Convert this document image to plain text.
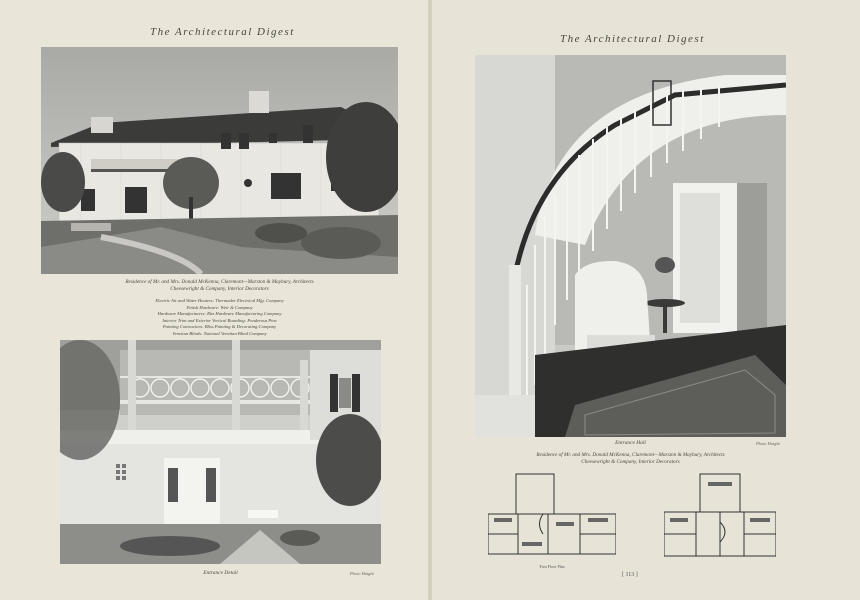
The Architectural Digest
Residence of Mr. and Mrs. Donald McKenna, Claremont—Marston & Maybury, Architects
Cheesewright & Company, Interior Decorators
Electric Air and Water Heaters: Thermador Electrical Mfg. Company
Finish Hardware: Weir & Company
Hardware Manufacturers: Ritz Hardware Manufacturing Company
Interior Trim and Exterior Vertical Boarding: Ponderosa Pine
Painting Contractors: Bliss Painting & Decorating Company
Venetian Blinds: National Venetian Blind Company
Entrance Detail	Photo Haight
The Architectural Digest
Entrance Hall	Photo Haight
Residence of Mr. and Mrs. Donald McKenna, Claremont—Marston & Maybury, Architects
Cheesewright & Company, Interior Decorators
First Floor Plan
[ 113 ]
